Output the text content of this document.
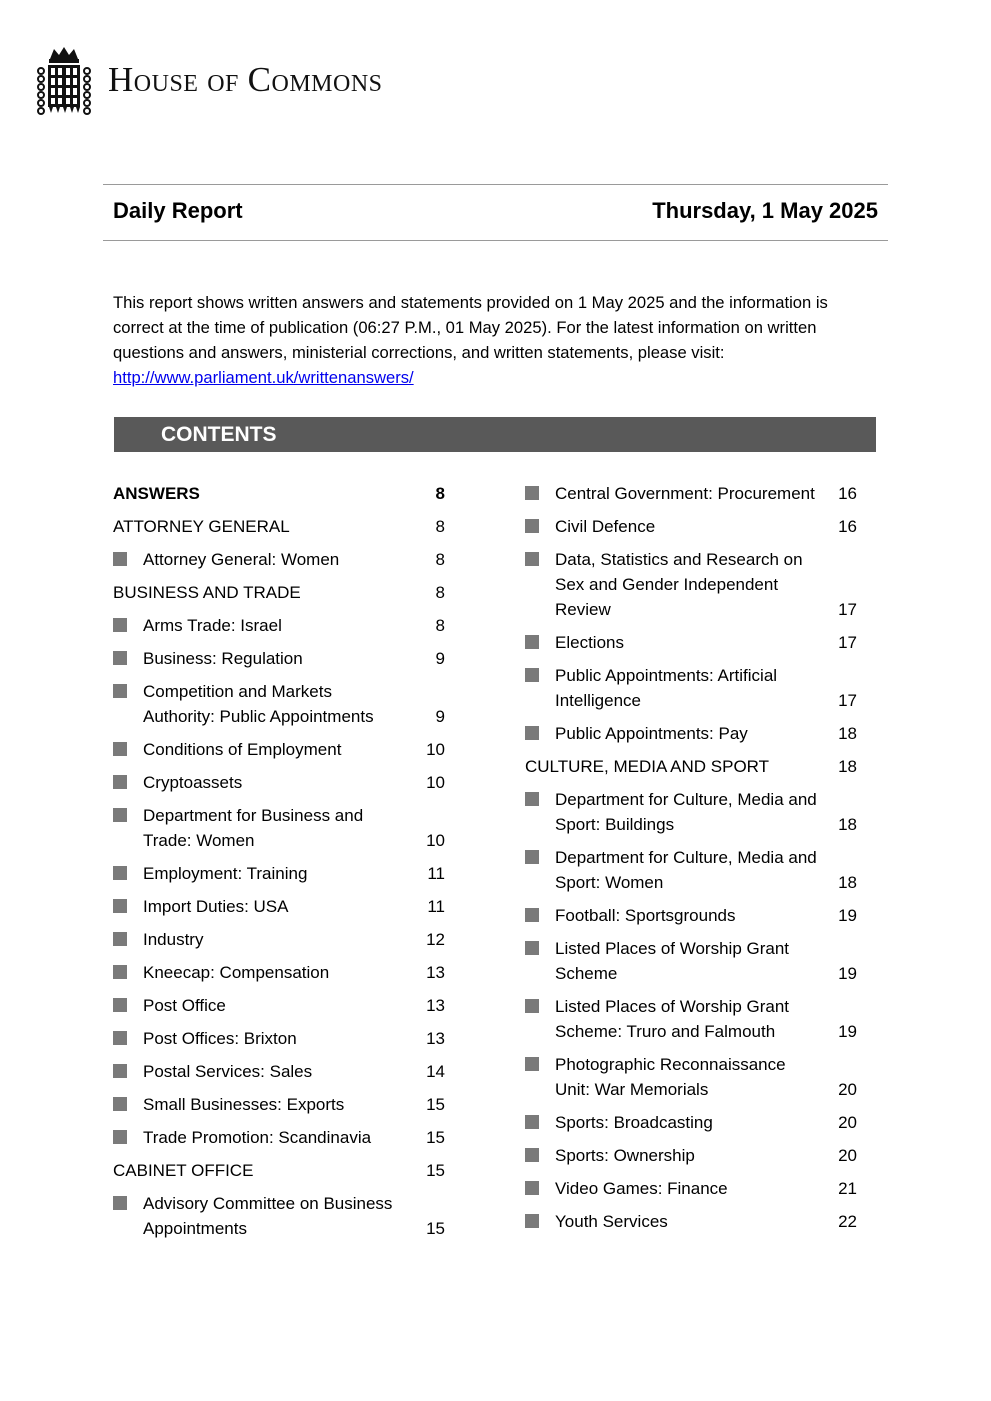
HOUSE OF COMMONS
Daily Report	Thursday, 1 May 2025
This report shows written answers and statements provided on 1 May 2025 and the information is correct at the time of publication (06:27 P.M., 01 May 2025). For the latest information on written questions and answers, ministerial corrections, and written statements, please visit: http://www.parliament.uk/writtenanswers/
CONTENTS
ANSWERS	8
ATTORNEY GENERAL	8
Attorney General: Women	8
BUSINESS AND TRADE	8
Arms Trade: Israel	8
Business: Regulation	9
Competition and Markets Authority: Public Appointments	9
Conditions of Employment	10
Cryptoassets	10
Department for Business and Trade: Women	10
Employment: Training	11
Import Duties: USA	11
Industry	12
Kneecap: Compensation	13
Post Office	13
Post Offices: Brixton	13
Postal Services: Sales	14
Small Businesses: Exports	15
Trade Promotion: Scandinavia	15
CABINET OFFICE	15
Advisory Committee on Business Appointments	15
Central Government: Procurement	16
Civil Defence	16
Data, Statistics and Research on Sex and Gender Independent Review	17
Elections	17
Public Appointments: Artificial Intelligence	17
Public Appointments: Pay	18
CULTURE, MEDIA AND SPORT	18
Department for Culture, Media and Sport: Buildings	18
Department for Culture, Media and Sport: Women	18
Football: Sportsgrounds	19
Listed Places of Worship Grant Scheme	19
Listed Places of Worship Grant Scheme: Truro and Falmouth	19
Photographic Reconnaissance Unit: War Memorials	20
Sports: Broadcasting	20
Sports: Ownership	20
Video Games: Finance	21
Youth Services	22
